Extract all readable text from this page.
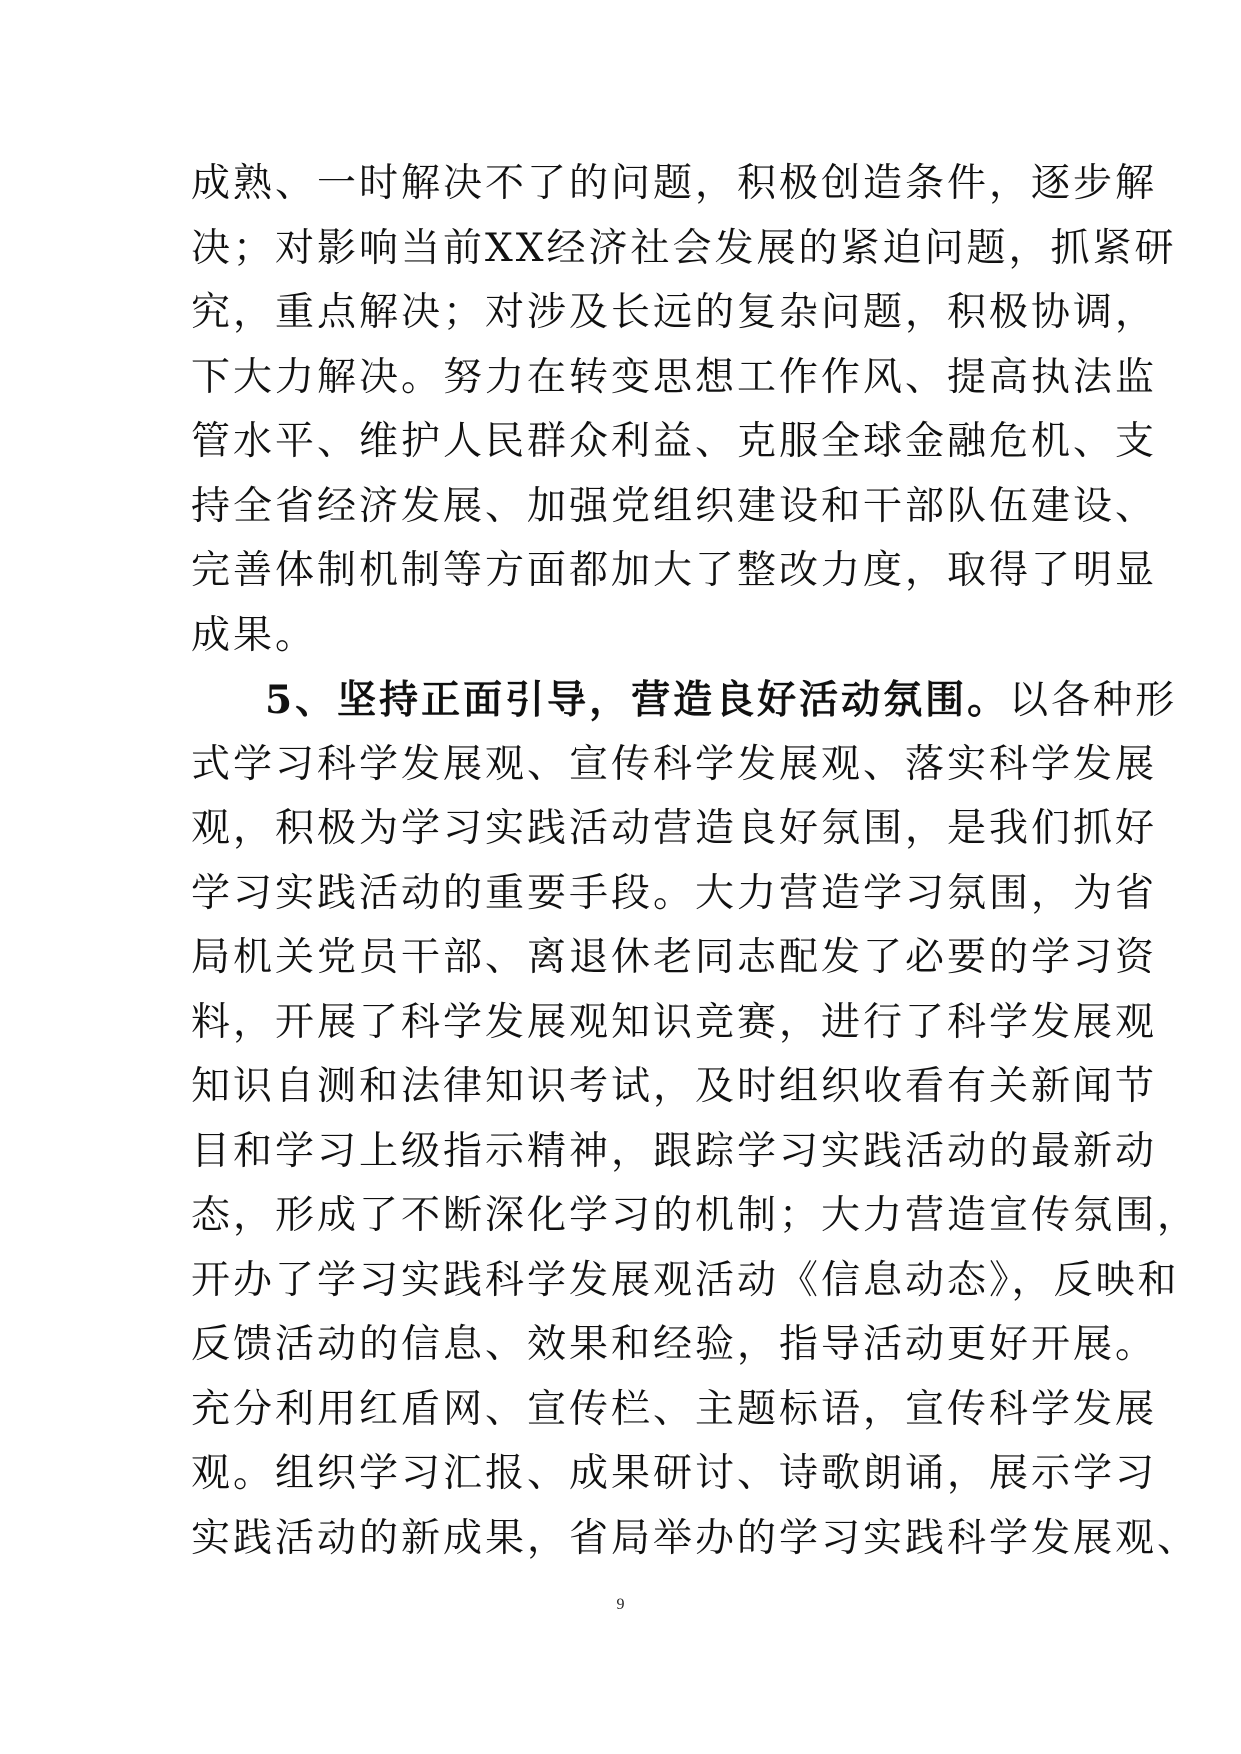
成熟、一时解决不了的问题，积极创造条件，逐步解
决；对影响当前XX经济社会发展的紧迫问题，抓紧研
究，重点解决；对涉及长远的复杂问题，积极协调，
下大力解决。努力在转变思想工作作风、提高执法监
管水平、维护人民群众利益、克服全球金融危机、支
持全省经济发展、加强党组织建设和干部队伍建设、
完善体制机制等方面都加大了整改力度，取得了明显
成果。
5、坚持正面引导，营造良好活动氛围。以各种形
式学习科学发展观、宣传科学发展观、落实科学发展
观，积极为学习实践活动营造良好氛围，是我们抓好
学习实践活动的重要手段。大力营造学习氛围，为省
局机关党员干部、离退休老同志配发了必要的学习资
料，开展了科学发展观知识竞赛，进行了科学发展观
知识自测和法律知识考试，及时组织收看有关新闻节
目和学习上级指示精神，跟踪学习实践活动的最新动
态，形成了不断深化学习的机制；大力营造宣传氛围，
开办了学习实践科学发展观活动《信息动态》，反映和
反馈活动的信息、效果和经验，指导活动更好开展。
充分利用红盾网、宣传栏、主题标语，宣传科学发展
观。组织学习汇报、成果研讨、诗歌朗诵，展示学习
实践活动的新成果，省局举办的学习实践科学发展观、
9
